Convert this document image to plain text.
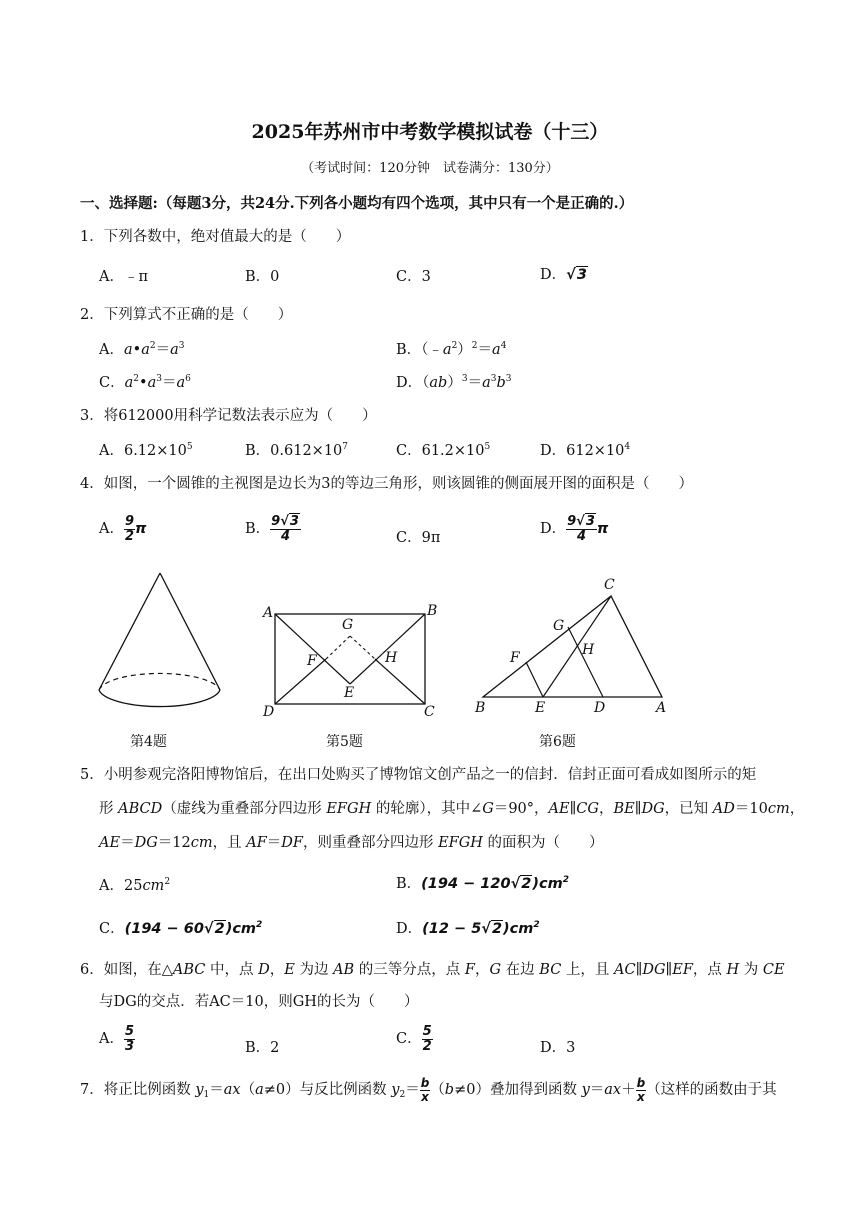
2025年苏州市中考数学模拟试卷（十三）
（考试时间：120分钟　试卷满分：130分）
一、选择题:（每题3分，共24分.下列各小题均有四个选项，其中只有一个是正确的.）
1．下列各数中，绝对值最大的是（　　）
A．﹣π	B．0	C．3	D．√3
2．下列算式不正确的是（　　）
A．$a•a^2=a^3$	B．$(﹣a^2)^2=a^4$
C．$a^2•a^3=a^6$	D．$(ab)^3=a^3b^3$
3．将612000用科学记数法表示应为（　　）
A．$6.12\times 10^5$	B．$0.612\times 10^7$	C．$61.2\times 10^5$	D．$612\times 10^4$
4．如图，一个圆锥的主视图是边长为3的等边三角形，则该圆锥的侧面展开图的面积是（　　）
A． $\frac{9}{2}$ π	B． $\frac{9√3}{4}$	C．9π
D． $\frac{9√3}{4}$ π
第4题
A	B
C
D
E
F
G
H
第5题
C
G
H
F
B	E	D	A
第6题
5．小明参观完洛阳博物馆后，在出口处购买了博物馆文创产品之一的信封．信封正面可看成如图所示的矩
形 ABCD（虚线为重叠部分四边形 EFGH 的轮廓），其中∠G＝90°，AE∥CG，BE∥DG，已知 AD＝10cm，
AE＝DG＝12cm，且 AF＝DF，则重叠部分四边形 EFGH 的面积为（　　）
A．$25cm^2$	B．$(194 - 120√2)cm^2$
C．$(194 - 60√2)cm^2$	D．$(12 - 5√2)cm^2$
6．如图，在△ABC 中，点 D，E 为边 AB 的三等分点，点 F，G 在边 BC 上，且 AC∥DG∥EF，点 H 为 CE
与DG的交点．若AC＝10，则GH的长为（　　）
A． $\frac{5}{3}$	B．2
C． $\frac{5}{2}$	D．3
7．将正比例函数 $y_1=ax(a\ne 0)$与反比例函数 $y_2= \frac{b}{x} (b\ne 0)$叠加得到函数 $y=ax+ \frac{b}{x}$ （这样的函数由于其
